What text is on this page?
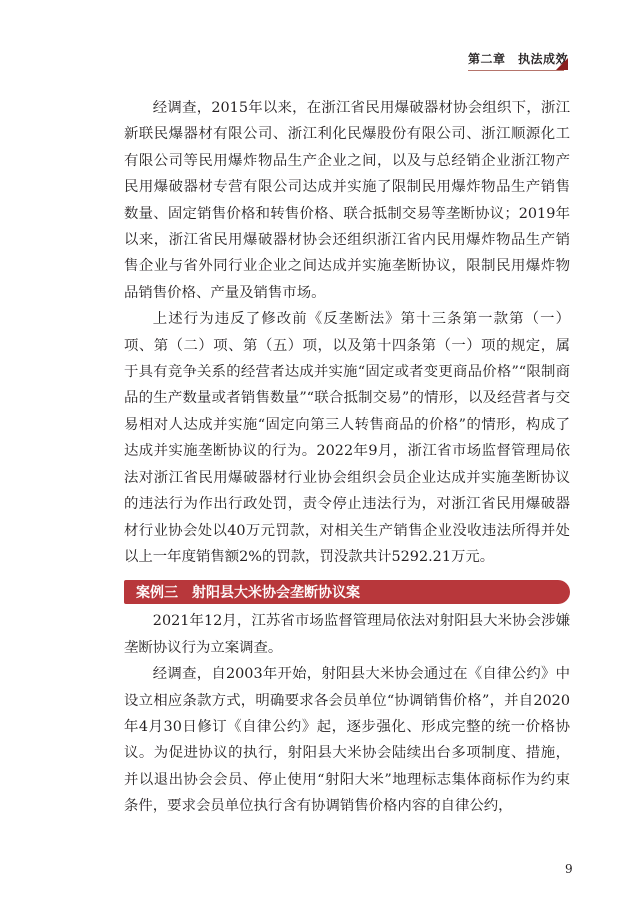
第二章　执法成效

经调查，2015年以来，在浙江省民用爆破器材协会组织下，浙江新联民爆器材有限公司、浙江利化民爆股份有限公司、浙江顺源化工有限公司等民用爆炸物品生产企业之间，以及与总经销企业浙江物产民用爆破器材专营有限公司达成并实施了限制民用爆炸物品生产销售数量、固定销售价格和转售价格、联合抵制交易等垄断协议；2019年以来，浙江省民用爆破器材协会还组织浙江省内民用爆炸物品生产销售企业与省外同行业企业之间达成并实施垄断协议，限制民用爆炸物品销售价格、产量及销售市场。

上述行为违反了修改前《反垄断法》第十三条第一款第（一）项、第（二）项、第（五）项，以及第十四条第（一）项的规定，属于具有竞争关系的经营者达成并实施“固定或者变更商品价格”“限制商品的生产数量或者销售数量”“联合抵制交易”的情形，以及经营者与交易相对人达成并实施“固定向第三人转售商品的价格”的情形，构成了达成并实施垄断协议的行为。2022年9月，浙江省市场监督管理局依法对浙江省民用爆破器材行业协会组织会员企业达成并实施垄断协议的违法行为作出行政处罚，责令停止违法行为，对浙江省民用爆破器材行业协会处以40万元罚款，对相关生产销售企业没收违法所得并处以上一年度销售额2%的罚款，罚没款共计5292.21万元。

案例三　射阳县大米协会垄断协议案

2021年12月，江苏省市场监督管理局依法对射阳县大米协会涉嫌垄断协议行为立案调查。

经调查，自2003年开始，射阳县大米协会通过在《自律公约》中设立相应条款方式，明确要求各会员单位“协调销售价格”，并自2020年4月30日修订《自律公约》起，逐步强化、形成完整的统一价格协议。为促进协议的执行，射阳县大米协会陆续出台多项制度、措施，并以退出协会会员、停止使用“射阳大米”地理标志集体商标作为约束条件，要求会员单位执行含有协调销售价格内容的自律公约，

9
